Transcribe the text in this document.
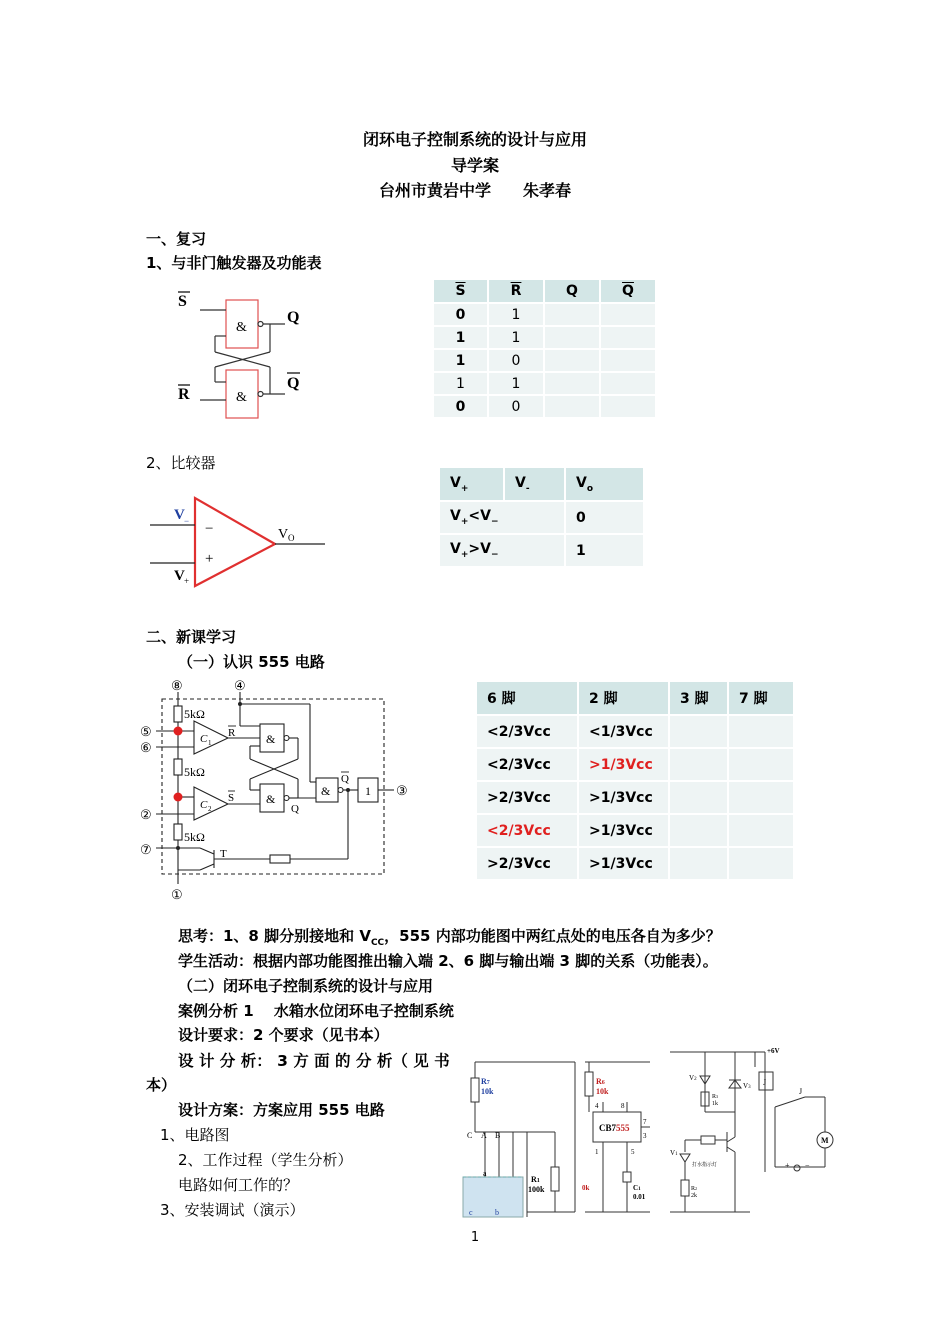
闭环电子控制系统的设计与应用
导学案
台州市黄岩中学　　朱孝春
一、复习
1、与非门触发器及功能表
S
R
&
&
Q
Q
$\overline{S}$	$\overline{R}$	Q	$\overline{Q}$
0	1		
1	1		
1	0		
1	1		
0	0		
2、比较器
V −
V +
−
+
V O
$V_+$	$V_-$	$V_o$
$V_+<V_-$		0
$V_+>V_-$		1
二、新课学习
（一）认识 555 电路
⑧	④
⑤
⑥
②
⑦
①
③
5kΩ
5kΩ
5kΩ
C 1
C 2
R
S
&
&
&
Q
Q
1
T
6 脚	2 脚	3 脚	7 脚
<2/3Vcc	<1/3Vcc		
<2/3Vcc	>1/3Vcc		
>2/3Vcc	>1/3Vcc		
<2/3Vcc	>1/3Vcc		
>2/3Vcc	>1/3Vcc		
思考：1、8 脚分别接地和 $V_{CC}$，555 内部功能图中两红点处的电压各自为多少？
学生活动：根据内部功能图推出输入端 2、6 脚与输出端 3 脚的关系（功能表）。
（二）闭环电子控制系统的设计与应用
案例分析 1　 水箱水位闭环电子控制系统
设计要求：2 个要求（见书本）
设 计 分 析： 3 方 面 的 分 析（ 见 书
本）
设计方案：方案应用 555 电路
1、电路图
2、工作过程（学生分析）
电路如何工作的？
3、安装调试（演示）
R7
10k
C A B
a
b
c
R1
100k
R6
10k
4	8
CB7555
7
3
1	5
C1
0.01
0k
+6V
V2
V3
R3
1k
V1
打水指示灯
R2
2k
J
J
M
+ −
1
